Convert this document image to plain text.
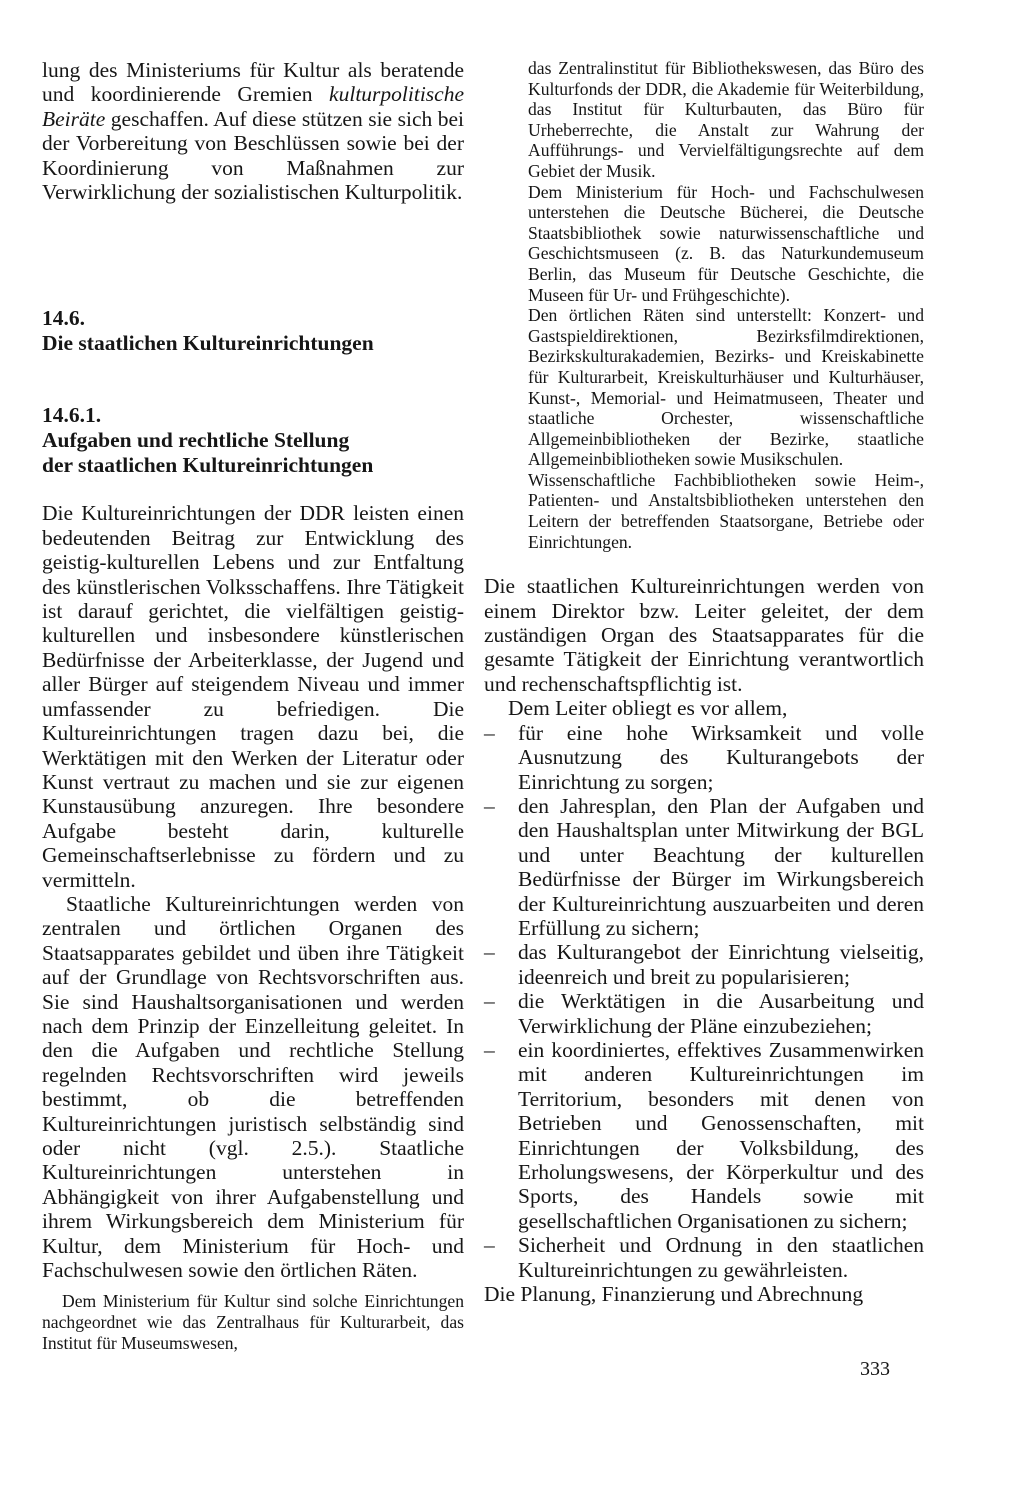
lung des Ministeriums für Kultur als beratende und koordinierende Gremien kulturpolitische Beiräte geschaffen. Auf diese stützen sie sich bei der Vorbereitung von Beschlüssen sowie bei der Koordinierung von Maßnahmen zur Verwirklichung der sozialistischen Kulturpolitik.

14.6.

Die staatlichen Kultureinrichtungen

14.6.1.

Aufgaben und rechtliche Stellung

der staatlichen Kultureinrichtungen

Die Kultureinrichtungen der DDR leisten einen bedeutenden Beitrag zur Entwicklung des geistig-kulturellen Lebens und zur Entfaltung des künstlerischen Volksschaffens. Ihre Tätigkeit ist darauf gerichtet, die vielfältigen geistig-kulturellen und insbesondere künstlerischen Bedürfnisse der Arbeiterklasse, der Jugend und aller Bürger auf steigendem Niveau und immer umfassender zu befriedigen. Die Kultureinrichtungen tragen dazu bei, die Werktätigen mit den Werken der Literatur oder Kunst vertraut zu machen und sie zur eigenen Kunstausübung anzuregen. Ihre besondere Aufgabe besteht darin, kulturelle Gemeinschaftserlebnisse zu fördern und zu vermitteln.

Staatliche Kultureinrichtungen werden von zentralen und örtlichen Organen des Staatsapparates gebildet und üben ihre Tätigkeit auf der Grundlage von Rechtsvorschriften aus. Sie sind Haushaltsorganisationen und werden nach dem Prinzip der Einzelleitung geleitet. In den die Aufgaben und rechtliche Stellung regelnden Rechtsvorschriften wird jeweils bestimmt, ob die betreffenden Kultureinrichtungen juristisch selbständig sind oder nicht (vgl. 2.5.). Staatliche Kultureinrichtungen unterstehen in Abhängigkeit von ihrer Aufgabenstellung und ihrem Wirkungsbereich dem Ministerium für Kultur, dem Ministerium für Hoch- und Fachschulwesen sowie den örtlichen Räten.

Dem Ministerium für Kultur sind solche Einrichtungen nachgeordnet wie das Zentralhaus für Kulturarbeit, das Institut für Museumswesen,

das Zentralinstitut für Bibliothekswesen, das Büro des Kulturfonds der DDR, die Akademie für Weiterbildung, das Institut für Kulturbauten, das Büro für Urheberrechte, die Anstalt zur Wahrung der Aufführungs- und Vervielfältigungsrechte auf dem Gebiet der Musik.

Dem Ministerium für Hoch- und Fachschulwesen unterstehen die Deutsche Bücherei, die Deutsche Staatsbibliothek sowie naturwissenschaftliche und Geschichtsmuseen (z. B. das Naturkundemuseum Berlin, das Museum für Deutsche Geschichte, die Museen für Ur- und Frühgeschichte).

Den örtlichen Räten sind unterstellt: Konzert- und Gastspieldirektionen, Bezirksfilmdirektionen, Bezirkskulturakademien, Bezirks- und Kreiskabinette für Kulturarbeit, Kreiskulturhäuser und Kulturhäuser, Kunst-, Memorial- und Heimatmuseen, Theater und staatliche Orchester, wissenschaftliche Allgemeinbibliotheken der Bezirke, staatliche Allgemeinbibliotheken sowie Musikschulen.

Wissenschaftliche Fachbibliotheken sowie Heim-, Patienten- und Anstaltsbibliotheken unterstehen den Leitern der betreffenden Staatsorgane, Betriebe oder Einrichtungen.

Die staatlichen Kultureinrichtungen werden von einem Direktor bzw. Leiter geleitet, der dem zuständigen Organ des Staatsapparates für die gesamte Tätigkeit der Einrichtung verantwortlich und rechenschaftspflichtig ist.

Dem Leiter obliegt es vor allem,

– für eine hohe Wirksamkeit und volle Ausnutzung des Kulturangebots der Einrichtung zu sorgen;
– den Jahresplan, den Plan der Aufgaben und den Haushaltsplan unter Mitwirkung der BGL und unter Beachtung der kulturellen Bedürfnisse der Bürger im Wirkungsbereich der Kultureinrichtung auszuarbeiten und deren Erfüllung zu sichern;
– das Kulturangebot der Einrichtung vielseitig, ideenreich und breit zu popularisieren;
– die Werktätigen in die Ausarbeitung und Verwirklichung der Pläne einzubeziehen;
– ein koordiniertes, effektives Zusammenwirken mit anderen Kultureinrichtungen im Territorium, besonders mit denen von Betrieben und Genossenschaften, mit Einrichtungen der Volksbildung, des Erholungswesens, der Körperkultur und des Sports, des Handels sowie mit gesellschaftlichen Organisationen zu sichern;
– Sicherheit und Ordnung in den staatlichen Kultureinrichtungen zu gewährleisten.

Die Planung, Finanzierung und Abrechnung

333
